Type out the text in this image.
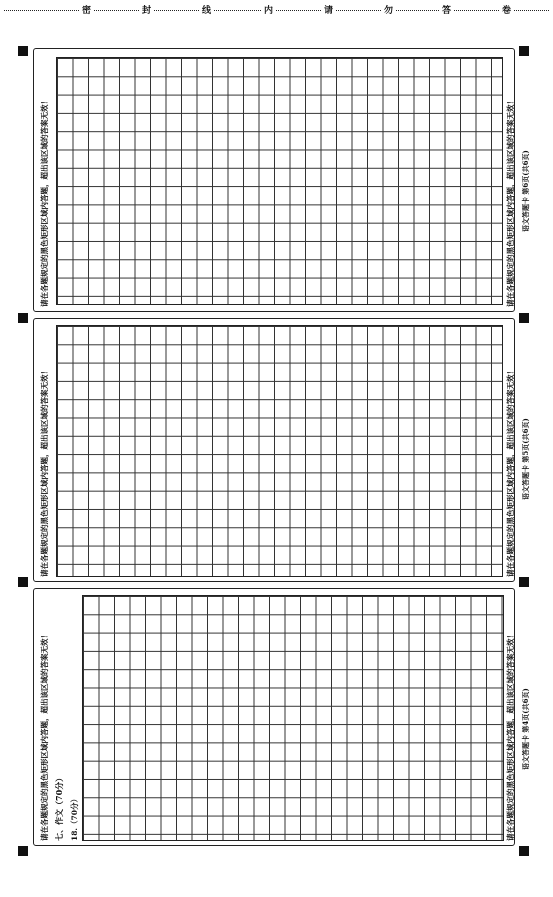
密	封	线	内	请	勿	答	卷
请在各题规定的黑色矩形区域内答题，超出该区域的答案无效！	请在各题规定的黑色矩形区域内答题，超出该区域的答案无效！ 语文答题卡 第6页(共6页)
请在各题规定的黑色矩形区域内答题，超出该区域的答案无效！	请在各题规定的黑色矩形区域内答题，超出该区域的答案无效！ 语文答题卡 第5页(共6页)
请在各题规定的黑色矩形区域内答题，超出该区域的答案无效！ 七、作文（70分） 18.（70分）	请在各题规定的黑色矩形区域内答题，超出该区域的答案无效！ 语文答题卡 第4页(共6页)
